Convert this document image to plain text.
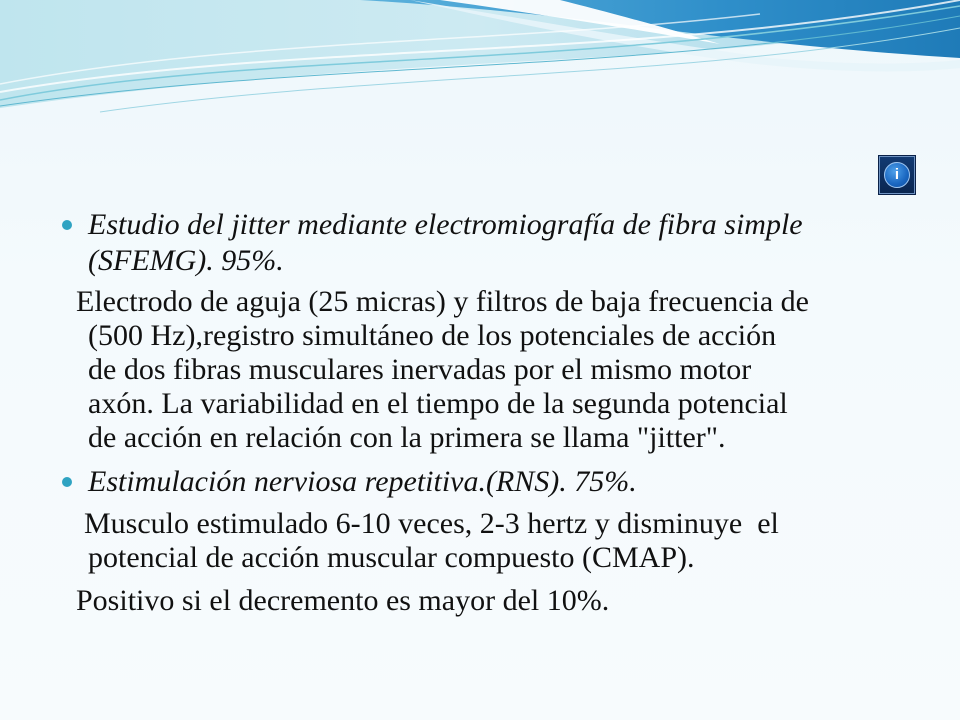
i
Estudio del jitter mediante electromiografía de fibra simple
(SFEMG). 95%.
Electrodo de aguja (25 micras) y filtros de baja frecuencia de
(500 Hz),registro simultáneo de los potenciales de acción
de dos fibras musculares inervadas por el mismo motor
axón. La variabilidad en el tiempo de la segunda potencial
de acción en relación con la primera se llama "jitter".
Estimulación nerviosa repetitiva.(RNS). 75%.
Musculo estimulado 6-10 veces, 2-3 hertz y disminuye  el
potencial de acción muscular compuesto (CMAP).
Positivo si el decremento es mayor del 10%.
